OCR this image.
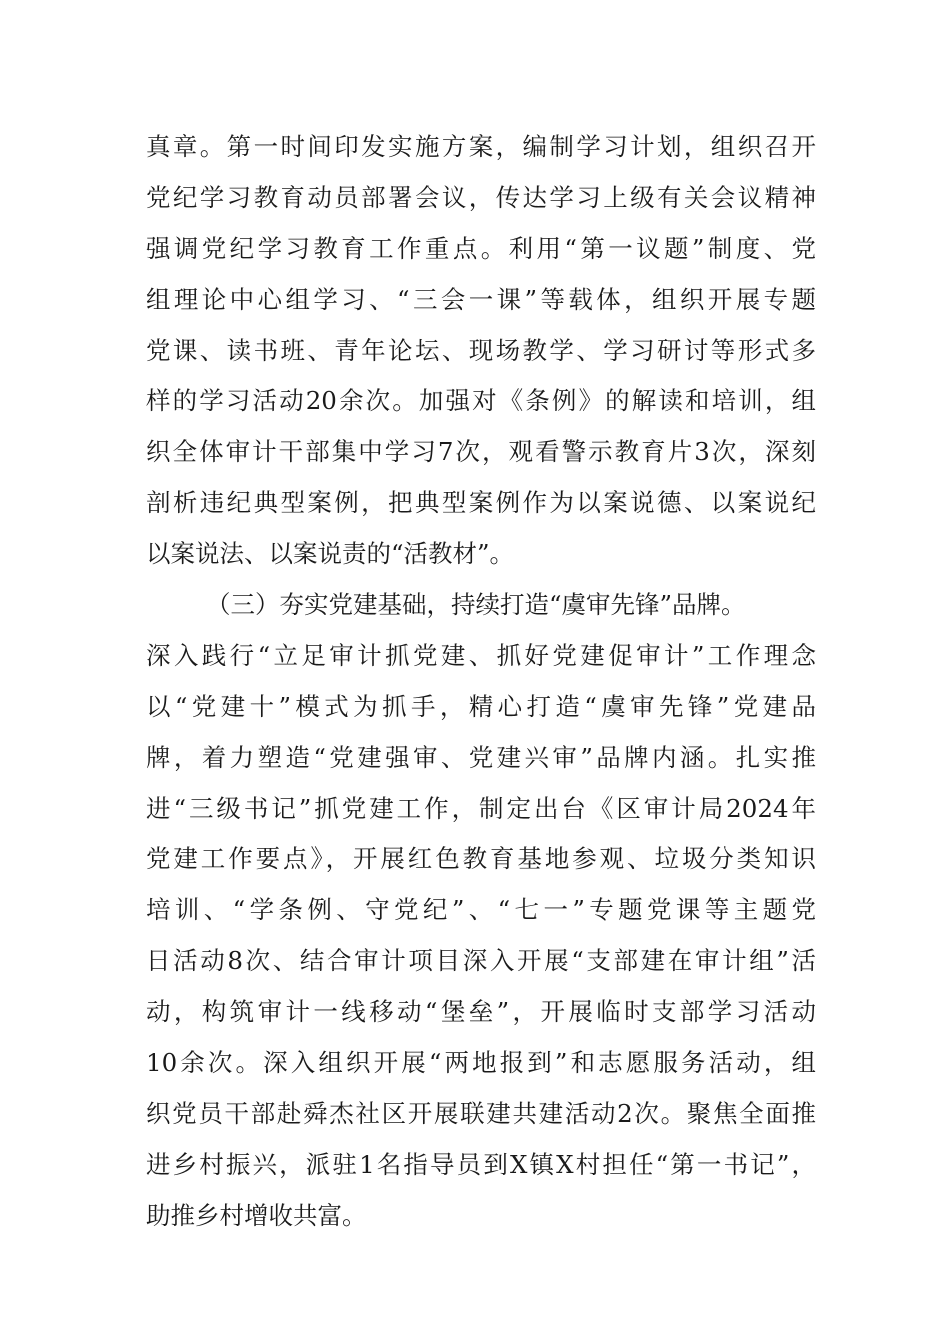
真章。第一时间印发实施方案，编制学习计划，组织召开
党纪学习教育动员部署会议，传达学习上级有关会议精神
强调党纪学习教育工作重点。利用“第一议题”制度、党
组理论中心组学习、“三会一课”等载体，组织开展专题
党课、读书班、青年论坛、现场教学、学习研讨等形式多
样的学习活动20余次。加强对《条例》的解读和培训，组
织全体审计干部集中学习7次，观看警示教育片3次，深刻
剖析违纪典型案例，把典型案例作为以案说德、以案说纪
以案说法、以案说责的“活教材”。
（三）夯实党建基础，持续打造“虞审先锋”品牌。
深入践行“立足审计抓党建、抓好党建促审计”工作理念
以“党建十”模式为抓手，精心打造“虞审先锋”党建品
牌，着力塑造“党建强审、党建兴审”品牌内涵。扎实推
进“三级书记”抓党建工作，制定出台《区审计局2024年
党建工作要点》，开展红色教育基地参观、垃圾分类知识
培训、“学条例、守党纪”、“七一”专题党课等主题党
日活动8次、结合审计项目深入开展“支部建在审计组”活
动，构筑审计一线移动“堡垒”，开展临时支部学习活动
10余次。深入组织开展“两地报到”和志愿服务活动，组
织党员干部赴舜杰社区开展联建共建活动2次。聚焦全面推
进乡村振兴，派驻1名指导员到X镇X村担任“第一书记”，
助推乡村增收共富。
